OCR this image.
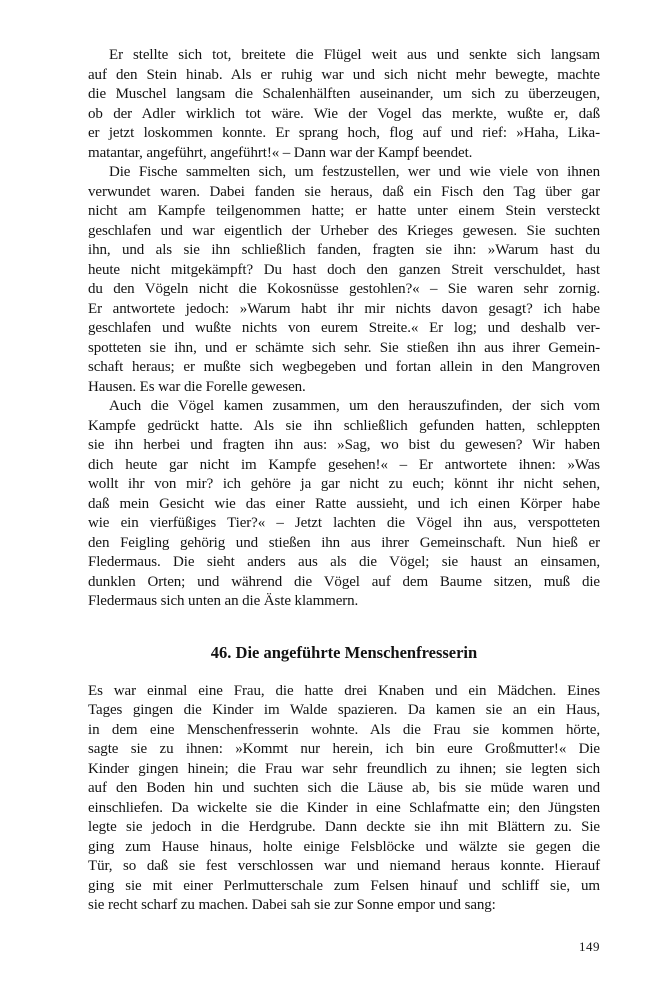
Er stellte sich tot, breitete die Flügel weit aus und senkte sich langsam
auf den Stein hinab. Als er ruhig war und sich nicht mehr bewegte, machte
die Muschel langsam die Schalenhälften auseinander, um sich zu überzeugen,
ob der Adler wirklich tot wäre. Wie der Vogel das merkte, wußte er, daß
er jetzt loskommen konnte. Er sprang hoch, flog auf und rief: »Haha, Lika-
matantar, angeführt, angeführt!« – Dann war der Kampf beendet.
Die Fische sammelten sich, um festzustellen, wer und wie viele von ihnen
verwundet waren. Dabei fanden sie heraus, daß ein Fisch den Tag über gar
nicht am Kampfe teilgenommen hatte; er hatte unter einem Stein versteckt
geschlafen und war eigentlich der Urheber des Krieges gewesen. Sie suchten
ihn, und als sie ihn schließlich fanden, fragten sie ihn: »Warum hast du
heute nicht mitgekämpft? Du hast doch den ganzen Streit verschuldet, hast
du den Vögeln nicht die Kokosnüsse gestohlen?« – Sie waren sehr zornig.
Er antwortete jedoch: »Warum habt ihr mir nichts davon gesagt? ich habe
geschlafen und wußte nichts von eurem Streite.« Er log; und deshalb ver-
spotteten sie ihn, und er schämte sich sehr. Sie stießen ihn aus ihrer Gemein-
schaft heraus; er mußte sich wegbegeben und fortan allein in den Mangroven
Hausen. Es war die Forelle gewesen.
Auch die Vögel kamen zusammen, um den herauszufinden, der sich vom
Kampfe gedrückt hatte. Als sie ihn schließlich gefunden hatten, schleppten
sie ihn herbei und fragten ihn aus: »Sag, wo bist du gewesen? Wir haben
dich heute gar nicht im Kampfe gesehen!« – Er antwortete ihnen: »Was
wollt ihr von mir? ich gehöre ja gar nicht zu euch; könnt ihr nicht sehen,
daß mein Gesicht wie das einer Ratte aussieht, und ich einen Körper habe
wie ein vierfüßiges Tier?« – Jetzt lachten die Vögel ihn aus, verspotteten
den Feigling gehörig und stießen ihn aus ihrer Gemeinschaft. Nun hieß er
Fledermaus. Die sieht anders aus als die Vögel; sie haust an einsamen,
dunklen Orten; und während die Vögel auf dem Baume sitzen, muß die
Fledermaus sich unten an die Äste klammern.
46. Die angeführte Menschenfresserin
Es war einmal eine Frau, die hatte drei Knaben und ein Mädchen. Eines
Tages gingen die Kinder im Walde spazieren. Da kamen sie an ein Haus,
in dem eine Menschenfresserin wohnte. Als die Frau sie kommen hörte,
sagte sie zu ihnen: »Kommt nur herein, ich bin eure Großmutter!« Die
Kinder gingen hinein; die Frau war sehr freundlich zu ihnen; sie legten sich
auf den Boden hin und suchten sich die Läuse ab, bis sie müde waren und
einschliefen. Da wickelte sie die Kinder in eine Schlafmatte ein; den Jüngsten
legte sie jedoch in die Herdgrube. Dann deckte sie ihn mit Blättern zu. Sie
ging zum Hause hinaus, holte einige Felsblöcke und wälzte sie gegen die
Tür, so daß sie fest verschlossen war und niemand heraus konnte. Hierauf
ging sie mit einer Perlmutterschale zum Felsen hinauf und schliff sie, um
sie recht scharf zu machen. Dabei sah sie zur Sonne empor und sang:
149
